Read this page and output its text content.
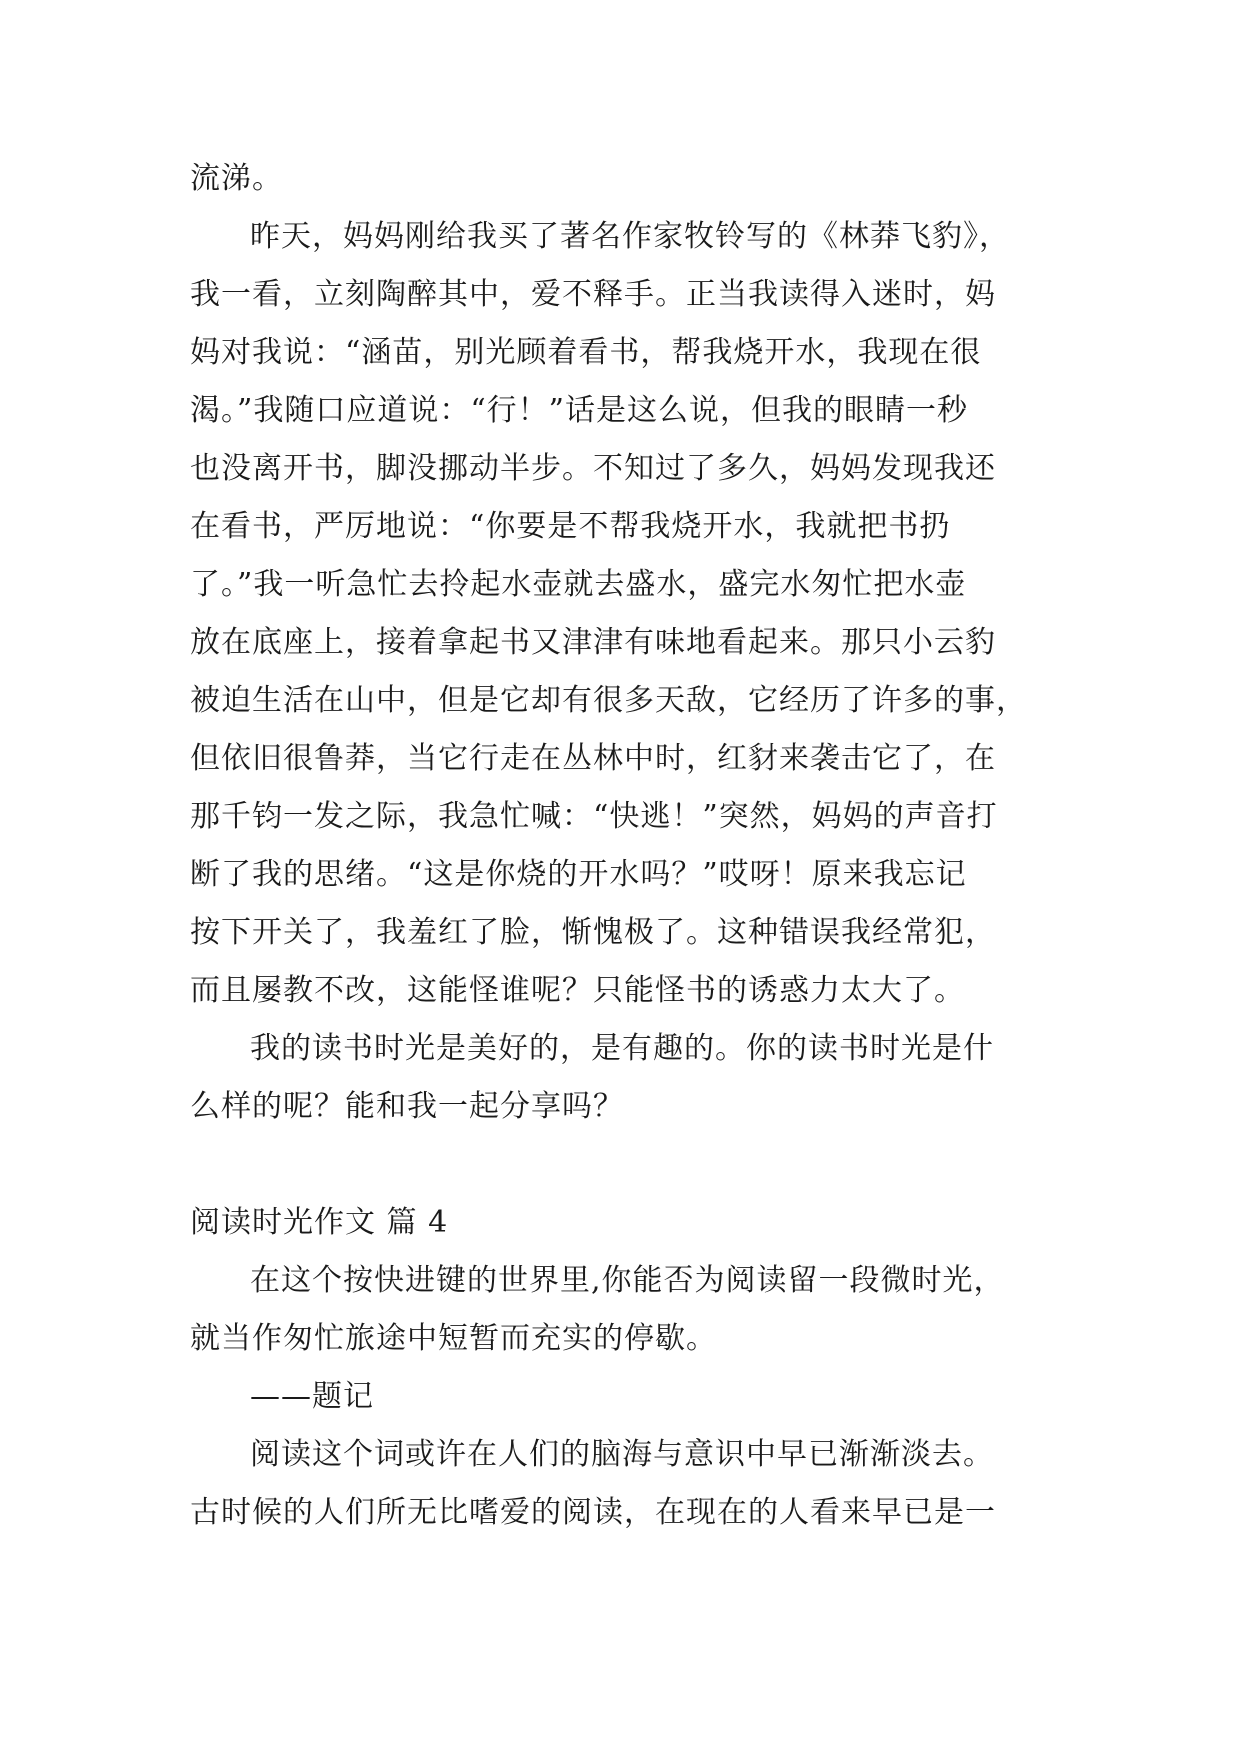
流涕。

昨天，妈妈刚给我买了著名作家牧铃写的《林莽飞豹》，
我一看，立刻陶醉其中，爱不释手。正当我读得入迷时，妈
妈对我说：“涵苗，别光顾着看书，帮我烧开水，我现在很
渴。”我随口应道说：“行！”话是这么说，但我的眼睛一秒
也没离开书，脚没挪动半步。不知过了多久，妈妈发现我还
在看书，严厉地说：“你要是不帮我烧开水，我就把书扔
了。”我一听急忙去拎起水壶就去盛水，盛完水匆忙把水壶
放在底座上，接着拿起书又津津有味地看起来。那只小云豹
被迫生活在山中，但是它却有很多天敌，它经历了许多的事，
但依旧很鲁莽，当它行走在丛林中时，红豺来袭击它了，在
那千钧一发之际，我急忙喊：“快逃！”突然，妈妈的声音打
断了我的思绪。“这是你烧的开水吗？”哎呀！原来我忘记
按下开关了，我羞红了脸，惭愧极了。这种错误我经常犯，
而且屡教不改，这能怪谁呢？只能怪书的诱惑力太大了。

我的读书时光是美好的，是有趣的。你的读书时光是什
么样的呢？能和我一起分享吗？

阅读时光作文 篇 4

在这个按快进键的世界里,你能否为阅读留一段微时光，
就当作匆忙旅途中短暂而充实的停歇。

——题记

阅读这个词或许在人们的脑海与意识中早已渐渐淡去。
古时候的人们所无比嗜爱的阅读，在现在的人看来早已是一
